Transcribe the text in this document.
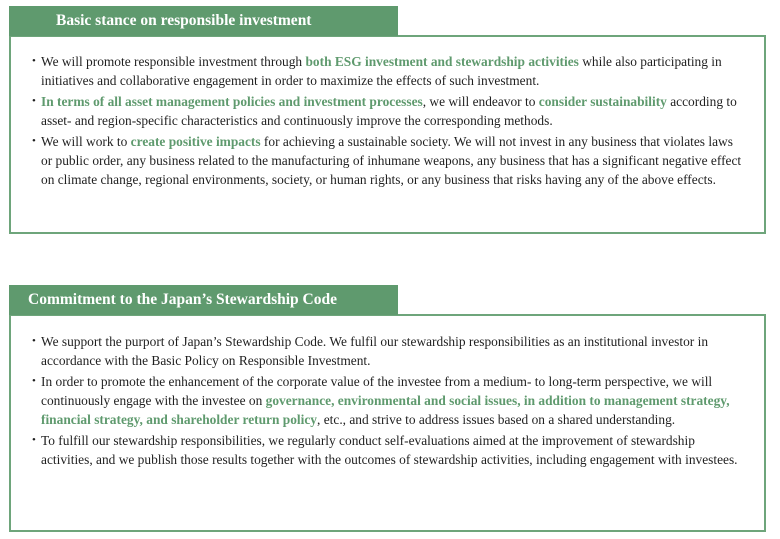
• We will promote responsible investment through both ESG investment and stewardship activities while also participating in initiatives and collaborative engagement in order to maximize the effects of such investment.
• In terms of all asset management policies and investment processes, we will endeavor to consider sustainability according to asset- and region-specific characteristics and continuously improve the corresponding methods.
• We will work to create positive impacts for achieving a sustainable society. We will not invest in any business that violates laws or public order, any business related to the manufacturing of inhumane weapons, any business that has a significant negative effect on climate change, regional environments, society, or human rights, or any business that risks having any of the above effects.
Basic stance on responsible investment
• We support the purport of Japan’s Stewardship Code. We fulfil our stewardship responsibilities as an institutional investor in accordance with the Basic Policy on Responsible Investment.
• In order to promote the enhancement of the corporate value of the investee from a medium- to long-term perspective, we will continuously engage with the investee on governance, environmental and social issues, in addition to management strategy, financial strategy, and shareholder return policy, etc., and strive to address issues based on a shared understanding.
• To fulfill our stewardship responsibilities, we regularly conduct self-evaluations aimed at the improvement of stewardship activities, and we publish those results together with the outcomes of stewardship activities, including engagement with investees.
Commitment to the Japan’s Stewardship Code
